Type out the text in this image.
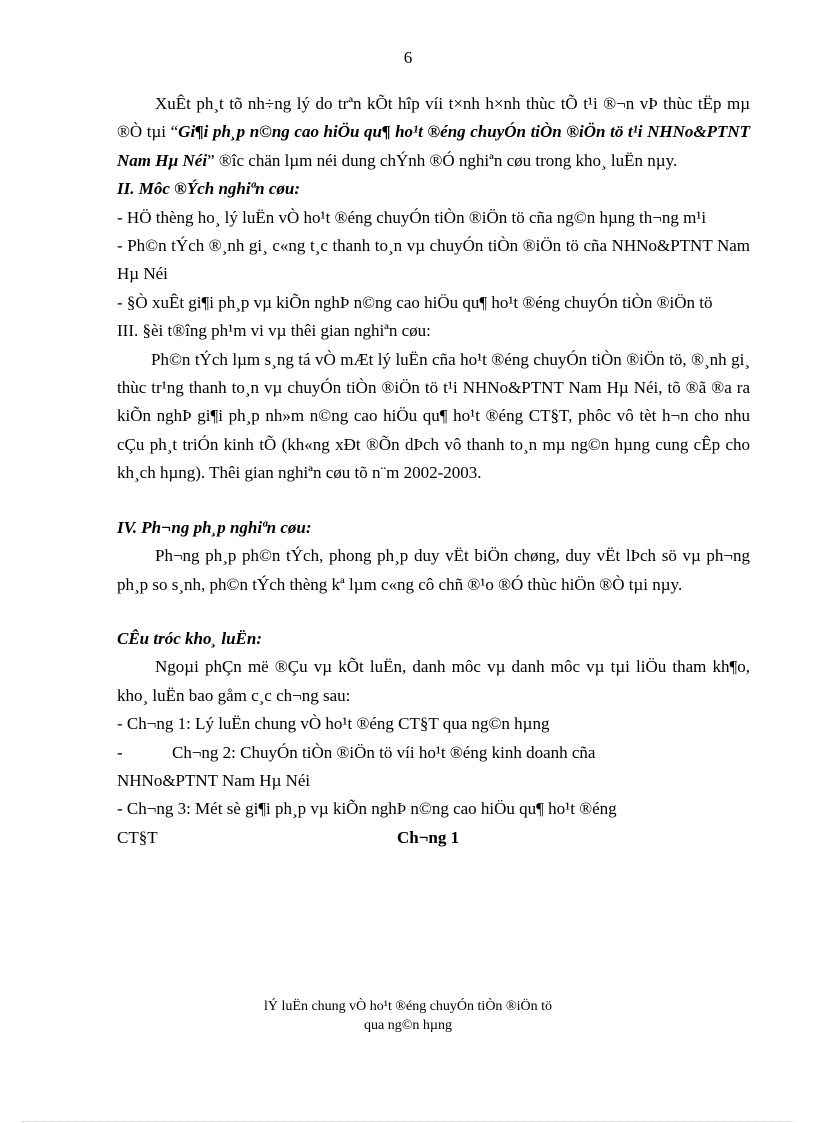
6

XuÊt ph¸t tõ nh÷ng lý do trªn kÕt hîp víi t×nh h×nh thùc tÕ t¹i ®¬n vÞ thùc tËp mµ ®Ò tµi “Gi¶i ph¸p n©ng cao hiÖu qu¶ ho¹t ®éng chuyÓn tiÒn ®iÖn tö t¹i NHNo&PTNT Nam Hµ Néi” ®îc chän lµm néi dung chÝnh ®Ó nghiªn cøu trong kho¸ luËn nµy.

II. Môc ®Ých nghiªn cøu:

- HÖ thèng ho¸ lý luËn vÒ ho¹t ®éng chuyÓn tiÒn ®iÖn tö cña ng©n hµng th¬ng m¹i

- Ph©n tÝch ®¸nh gi¸ c«ng t¸c thanh to¸n vµ chuyÓn tiÒn ®iÖn tö cña NHNo&PTNT Nam Hµ Néi

- §Ò xuÊt gi¶i ph¸p vµ kiÕn nghÞ n©ng cao hiÖu qu¶ ho¹t ®éng chuyÓn tiÒn ®iÖn tö

III. §èi t®îng ph¹m vi vµ thêi gian nghiªn cøu:

Ph©n tÝch lµm s¸ng tá vÒ mÆt lý luËn cña ho¹t ®éng chuyÓn tiÒn ®iÖn tö, ®¸nh gi¸ thùc tr¹ng thanh to¸n vµ chuyÓn tiÒn ®iÖn tö t¹i NHNo&PTNT Nam Hµ Néi, tõ ®ã ®a ra kiÕn nghÞ gi¶i ph¸p nh»m n©ng cao hiÖu qu¶ ho¹t ®éng CT§T, phôc vô tèt h¬n cho nhu cÇu ph¸t triÓn kinh tÕ (kh«ng xÐt ®Õn dÞch vô thanh to¸n mµ ng©n hµng cung cÊp cho kh¸ch hµng). Thêi gian nghiªn cøu tõ n¨m 2002-2003.

IV. Ph¬ng ph¸p nghiªn cøu:

Ph¬ng ph¸p ph©n tÝch, phong ph¸p duy vËt biÖn chøng, duy vËt lÞch sö vµ ph¬ng ph¸p so s¸nh, ph©n tÝch thèng kª lµm c«ng cô chñ ®¹o ®Ó thùc hiÖn ®Ò tµi nµy.

CÊu tróc kho¸ luËn:

Ngoµi phÇn më ®Çu vµ kÕt luËn, danh môc vµ danh môc vµ tµi liÖu tham kh¶o, kho¸ luËn bao gåm c¸c ch¬ng sau:

- Ch¬ng 1: Lý luËn chung vÒ ho¹t ®éng CT§T qua ng©n hµng

-	Ch¬ng 2: ChuyÓn tiÒn ®iÖn tö víi ho¹t ®éng kinh doanh cña

NHNo&PTNT Nam Hµ Néi

- Ch¬ng 3: Mét sè gi¶i ph¸p vµ kiÕn nghÞ n©ng cao hiÖu qu¶ ho¹t ®éng

CT§T	Ch¬ng 1

lÝ luËn chung vÒ ho¹t ®éng chuyÓn tiÒn ®iÖn tö
qua ng©n hµng
